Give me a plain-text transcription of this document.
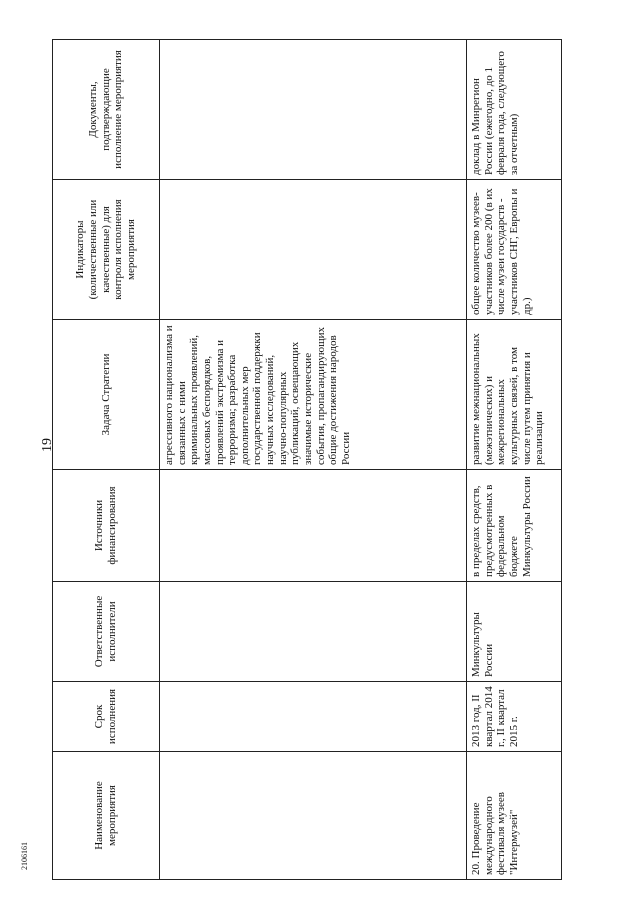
19
2106161
Наименование мероприятия	Срок исполнения	Ответственные исполнители	Источники финансирования	Задача Стратегии	Индикаторы (количественные или качественные) для контроля исполнения мероприятия	Документы, подтверждающие исполнение мероприятия
				агрессивного национализма и связанных с ними криминальных проявлений, массовых беспорядков, проявлений экстремизма и терроризма; разработка дополнительных мер государственной поддержки научных исследований, научно-популярных публикаций, освещающих значимые исторические события, пропагандирующих общие достижения народов России		
20. Проведение международного фестиваля музеев "Интермузей"	2013 год, II квартал 2014 г., II квартал 2015 г.	Минкультуры России	в пределах средств, предусмотренных в федеральном бюджете Минкультуры России	развитие межнациональных (межэтнических) и межрегиональных культурных связей, в том числе путем принятия и реализации	общее количество музеев-участников более 200 (в их числе музеи государств - участников СНГ, Европы и др.)	доклад в Минрегион России (ежегодно, до 1 февраля года, следующего за отчетным)
